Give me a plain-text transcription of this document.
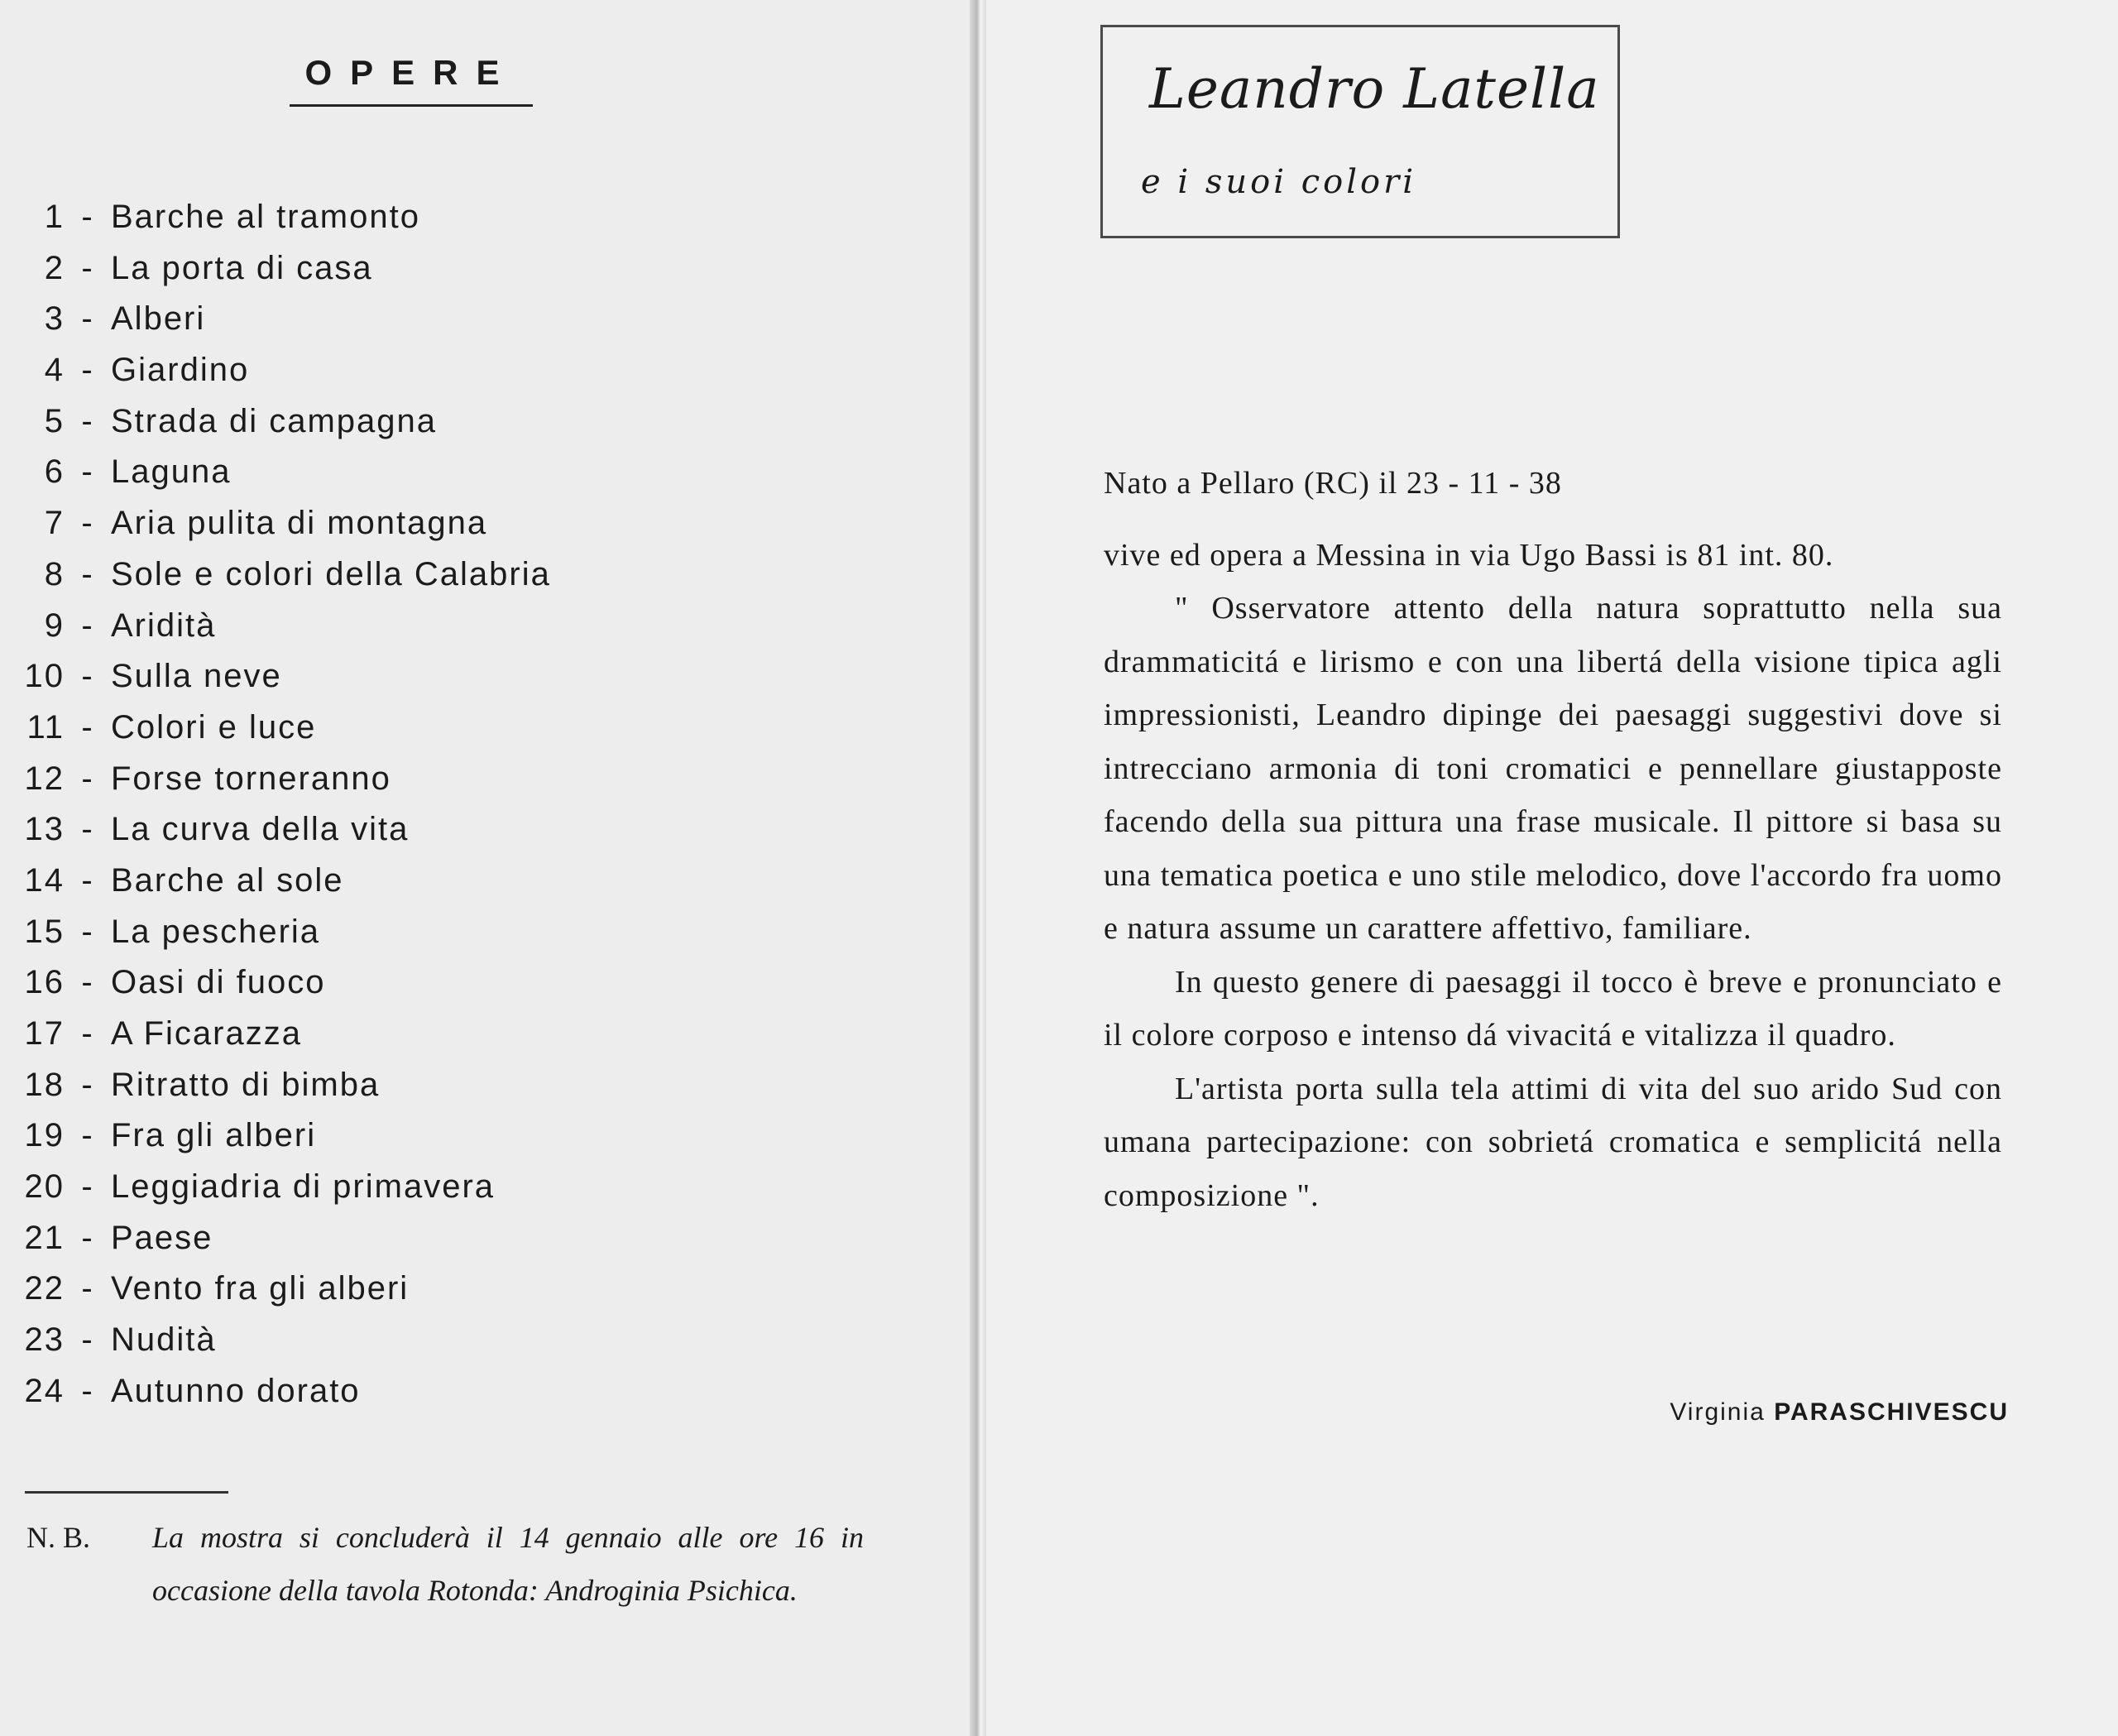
OPERE
1 - Barche al tramonto
2 - La porta di casa
3 - Alberi
4 - Giardino
5 - Strada di campagna
6 - Laguna
7 - Aria pulita di montagna
8 - Sole e colori della Calabria
9 - Aridità
10 - Sulla neve
11 - Colori e luce
12 - Forse torneranno
13 - La curva della vita
14 - Barche al sole
15 - La pescheria
16 - Oasi di fuoco
17 - A Ficarazza
18 - Ritratto di bimba
19 - Fra gli alberi
20 - Leggiadria di primavera
21 - Paese
22 - Vento fra gli alberi
23 - Nudità
24 - Autunno dorato
N. B. La mostra si concluderà il 14 gennaio alle ore 16 in occasione della tavola Rotonda: Androginia Psichica.
Leandro Latella
e i suoi colori

Nato a Pellaro (RC) il 23 - 11 - 38

vive ed opera a Messina in via Ugo Bassi is 81 int. 80.

" Osservatore attento della natura soprattutto nella sua drammaticitá e lirismo e con una libertá della visione tipica agli impressionisti, Leandro dipinge dei paesaggi suggestivi dove si intrecciano armonia di toni cromatici e pennellare giustapposte facendo della sua pittura una frase musicale. Il pittore si basa su una tematica poetica e uno stile melodico, dove l'accordo fra uomo e natura assume un carattere affettivo, familiare.

In questo genere di paesaggi il tocco è breve e pronunciato e il colore corposo e intenso dá vivacitá e vitalizza il quadro.

L'artista porta sulla tela attimi di vita del suo arido Sud con umana partecipazione: con sobrietá cromatica e semplicitá nella composizione ".

Virginia PARASCHIVESCU
